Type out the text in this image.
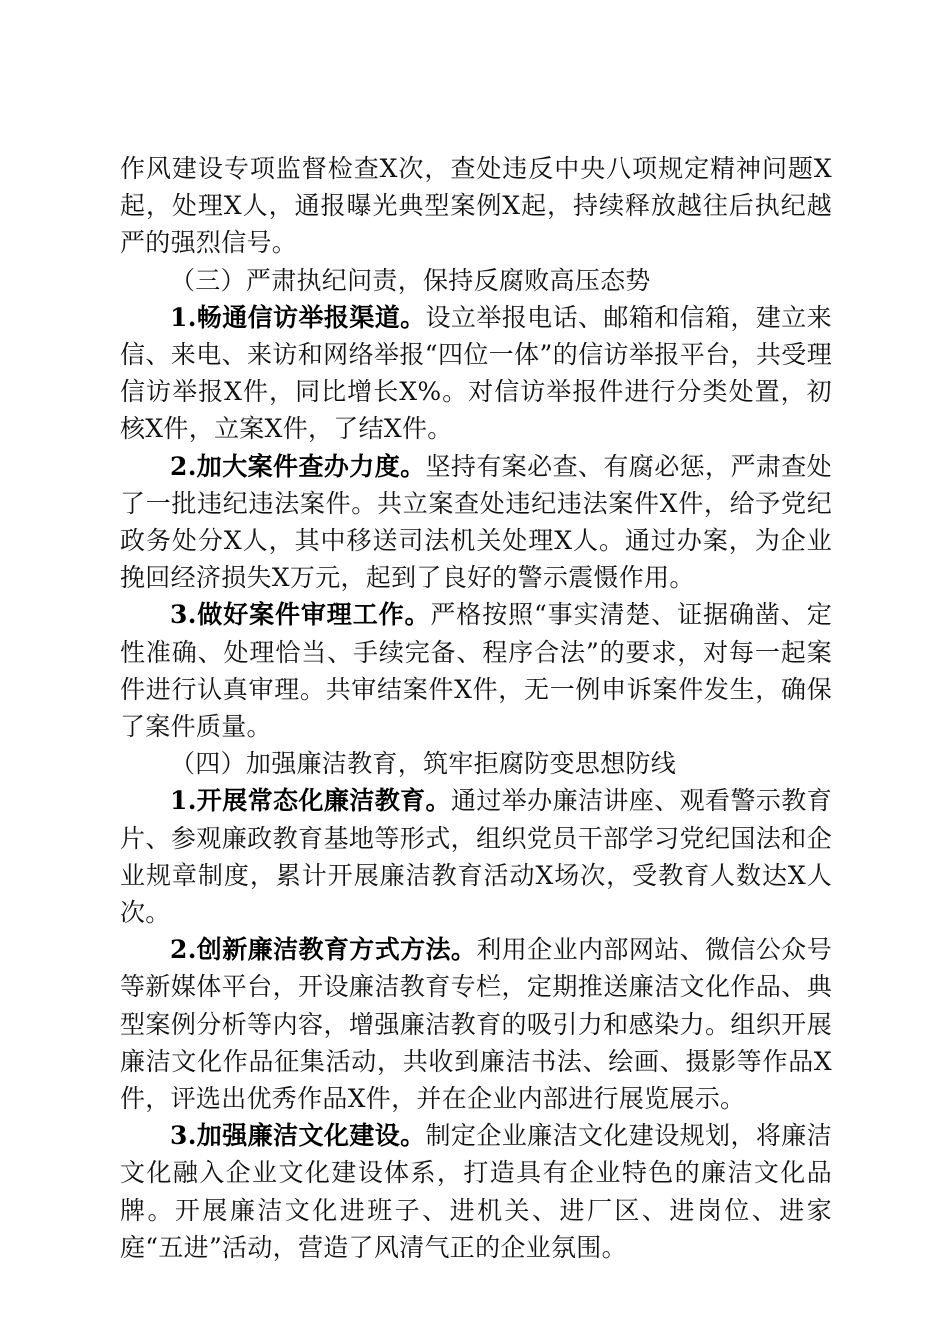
作风建设专项监督检查X次，查处违反中央八项规定精神问题X起，处理X人，通报曝光典型案例X起，持续释放越往后执纪越严的强烈信号。

（三）严肃执纪问责，保持反腐败高压态势

1.畅通信访举报渠道。设立举报电话、邮箱和信箱，建立来信、来电、来访和网络举报“四位一体”的信访举报平台，共受理信访举报X件，同比增长X%。对信访举报件进行分类处置，初核X件，立案X件，了结X件。

2.加大案件查办力度。坚持有案必查、有腐必惩，严肃查处了一批违纪违法案件。共立案查处违纪违法案件X件，给予党纪政务处分X人，其中移送司法机关处理X人。通过办案，为企业挽回经济损失X万元，起到了良好的警示震慑作用。

3.做好案件审理工作。严格按照“事实清楚、证据确凿、定性准确、处理恰当、手续完备、程序合法”的要求，对每一起案件进行认真审理。共审结案件X件，无一例申诉案件发生，确保了案件质量。

（四）加强廉洁教育，筑牢拒腐防变思想防线

1.开展常态化廉洁教育。通过举办廉洁讲座、观看警示教育片、参观廉政教育基地等形式，组织党员干部学习党纪国法和企业规章制度，累计开展廉洁教育活动X场次，受教育人数达X人次。

2.创新廉洁教育方式方法。利用企业内部网站、微信公众号等新媒体平台，开设廉洁教育专栏，定期推送廉洁文化作品、典型案例分析等内容，增强廉洁教育的吸引力和感染力。组织开展廉洁文化作品征集活动，共收到廉洁书法、绘画、摄影等作品X件，评选出优秀作品X件，并在企业内部进行展览展示。

3.加强廉洁文化建设。制定企业廉洁文化建设规划，将廉洁文化融入企业文化建设体系，打造具有企业特色的廉洁文化品牌。开展廉洁文化进班子、进机关、进厂区、进岗位、进家庭“五进”活动，营造了风清气正的企业氛围。
